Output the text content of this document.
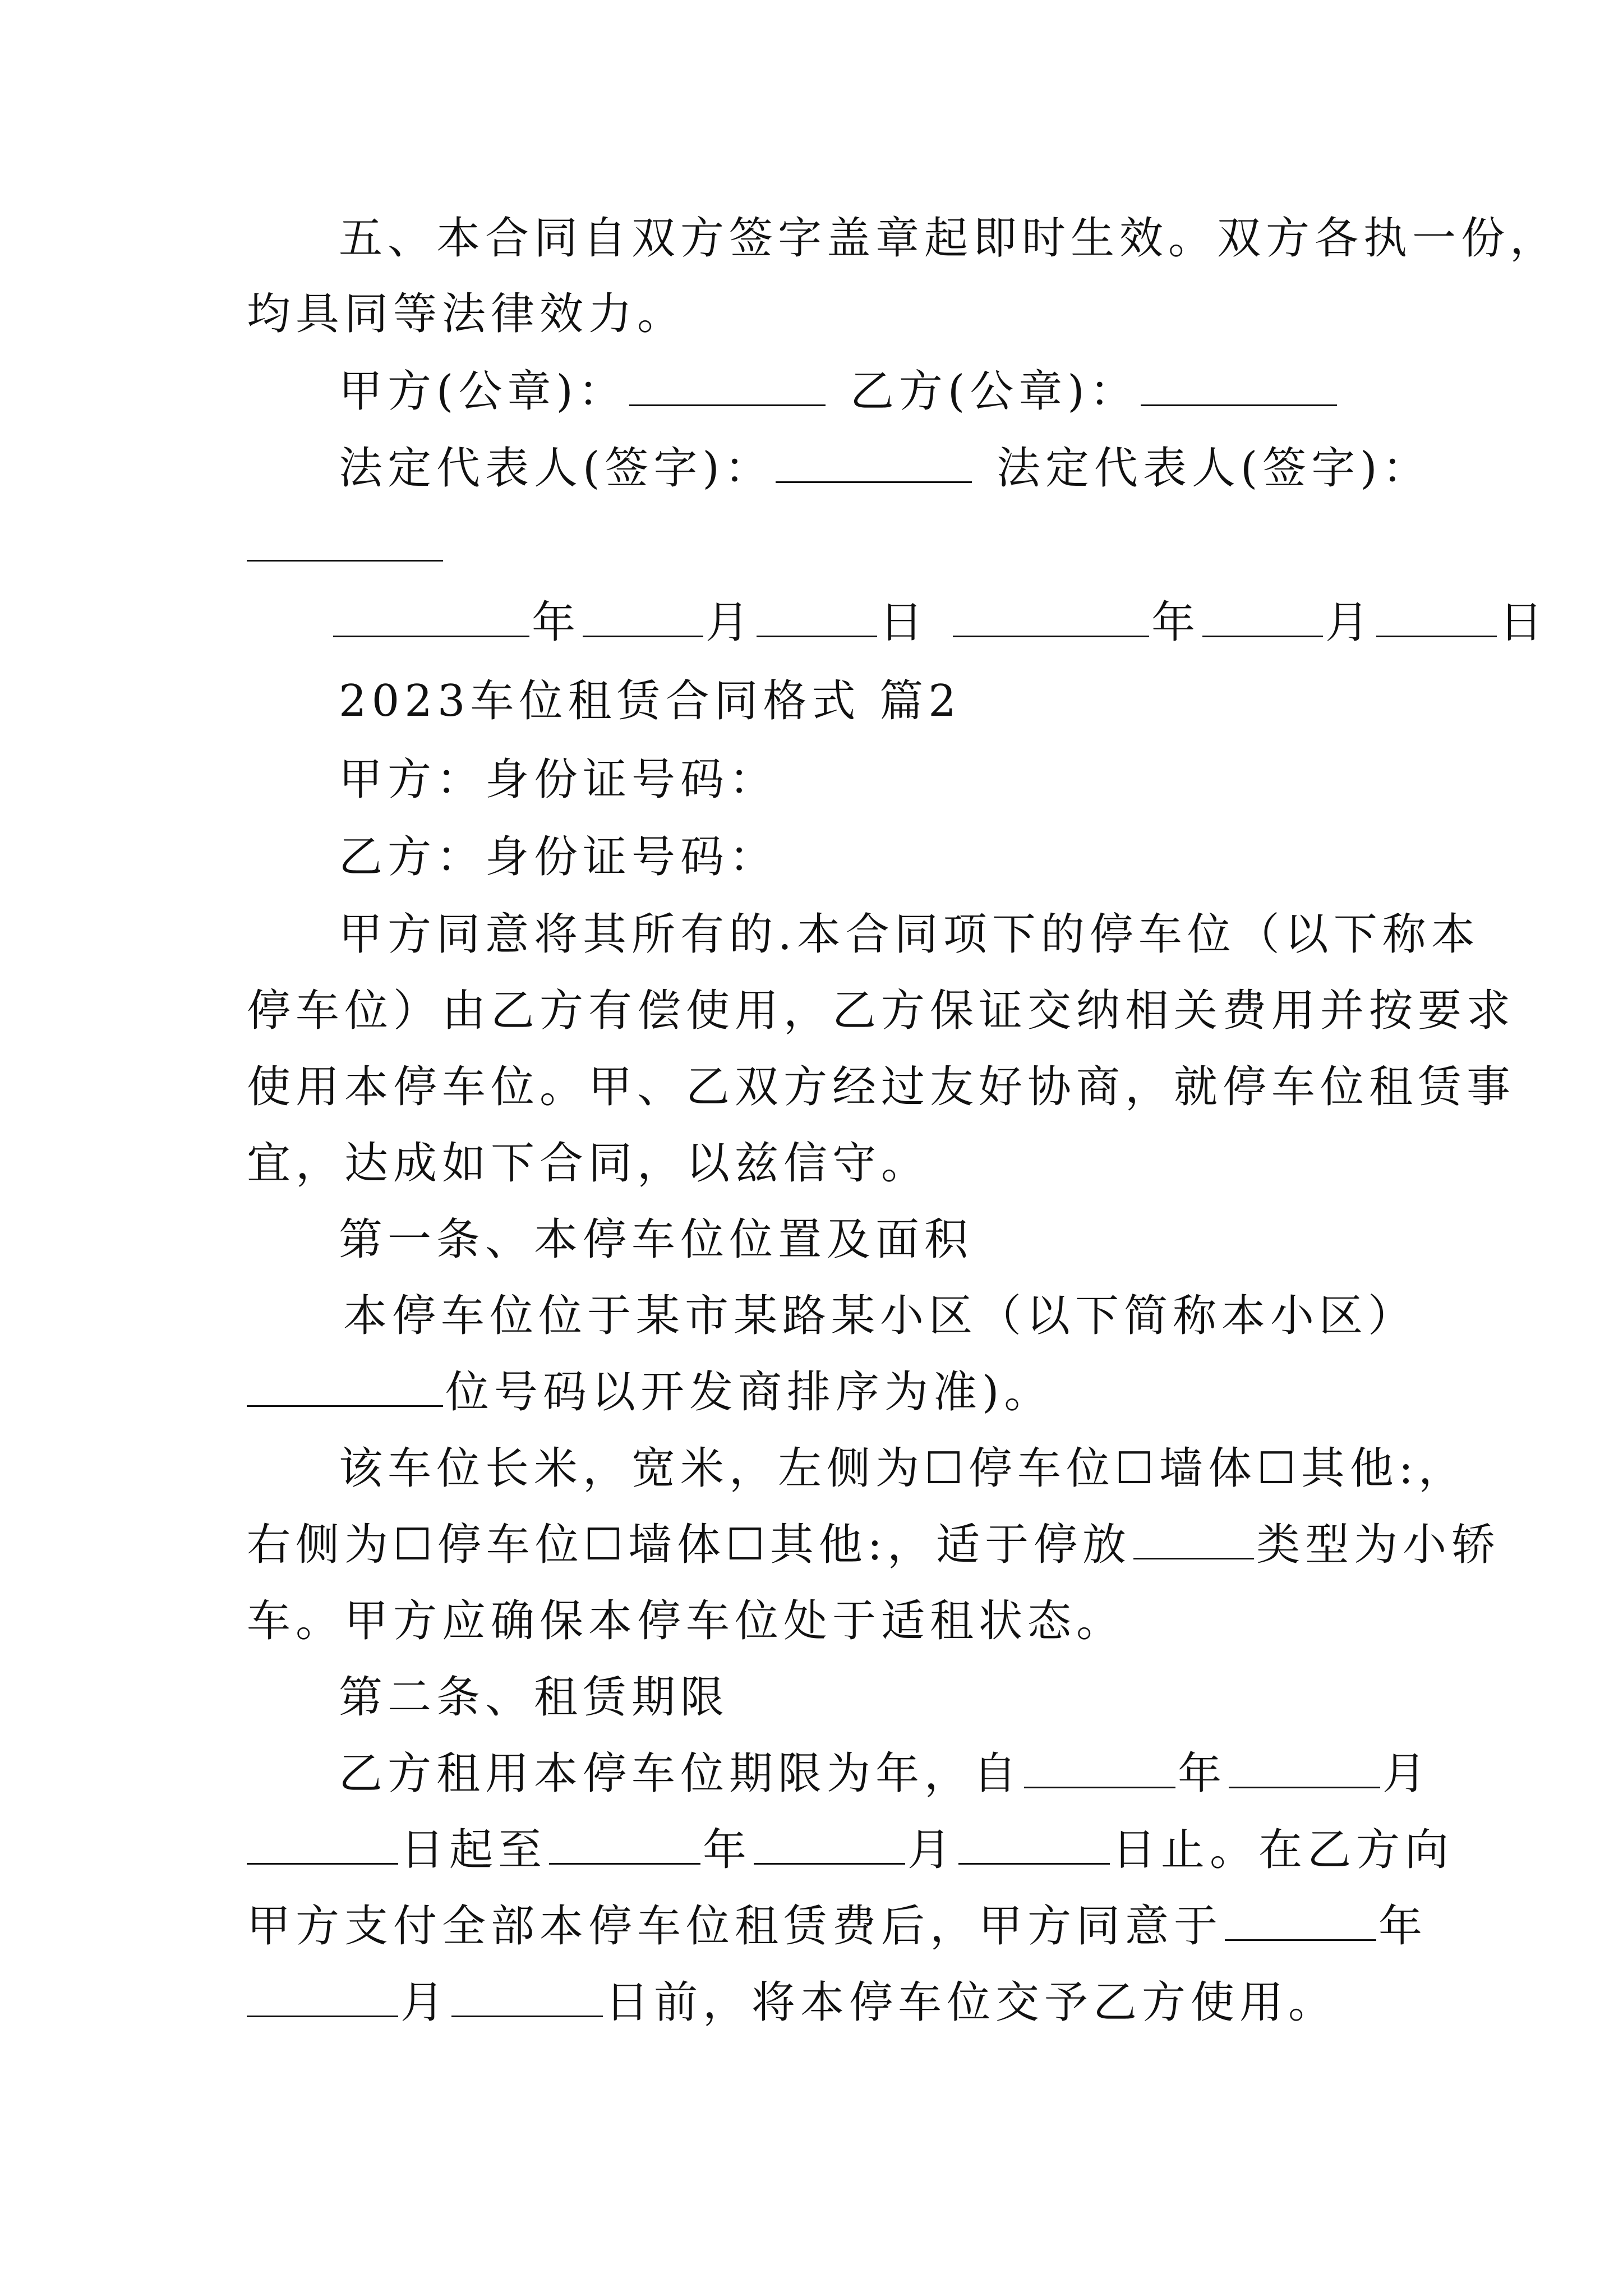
五、本合同自双方签字盖章起即时生效。双方各执一份，
均具同等法律效力。
甲方(公章)：	乙方(公章)：
法定代表人(签字)：	法定代表人(签字)：
年	月	日	年	月	日
2023车位租赁合同格式 篇2
甲方：身份证号码：
乙方：身份证号码：
甲方同意将其所有的.本合同项下的停车位（以下称本
停车位）由乙方有偿使用，乙方保证交纳相关费用并按要求
使用本停车位。甲、乙双方经过友好协商，就停车位租赁事
宜，达成如下合同，以兹信守。
第一条、本停车位位置及面积
本停车位位于某市某路某小区（以下简称本小区）
位号码以开发商排序为准)。
该车位长米，宽米，左侧为☐停车位☐墙体☐其他:，
右侧为☐停车位☐墙体☐其他:，适于停放	类型为小轿
车。甲方应确保本停车位处于适租状态。
第二条、租赁期限
乙方租用本停车位期限为年，自	年	月
日起至	年	月	日止。在乙方向
甲方支付全部本停车位租赁费后，甲方同意于	年
月	日前，将本停车位交予乙方使用。
